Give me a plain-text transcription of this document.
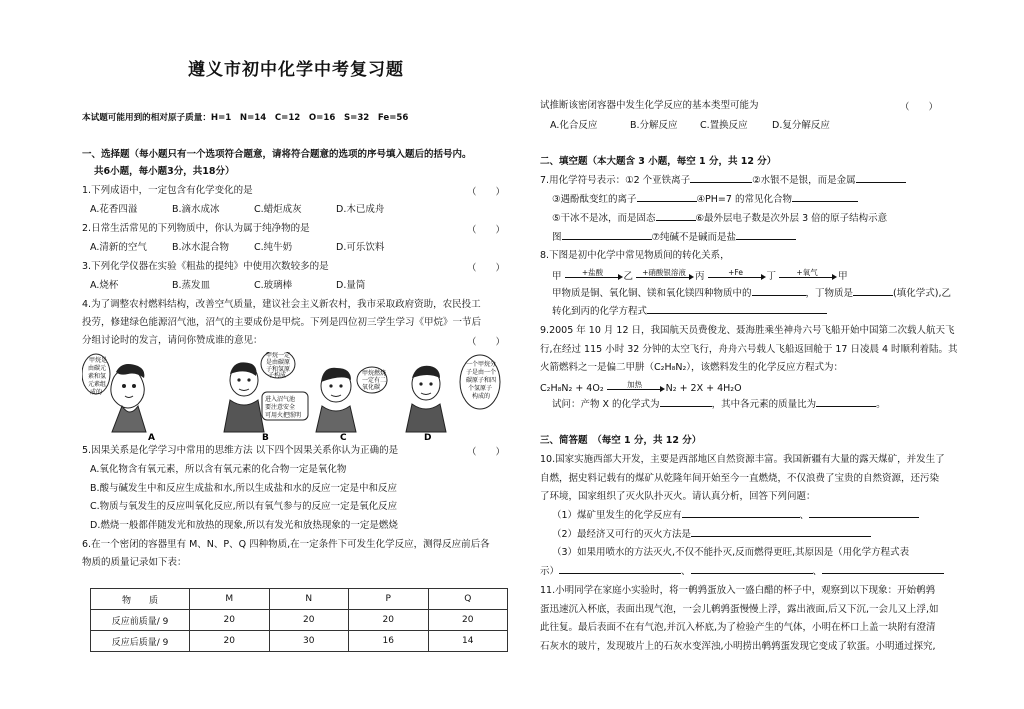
遵义市初中化学中考复习题
本试题可能用到的相对原子质量：H=1　N=14　C=12　O=16　S=32　Fe=56
一、选择题（每小题只有一个选项符合题意，请将符合题意的选项的序号填入题后的括号内。
共6小题，每小题3分，共18分）
1.下列成语中，一定包含有化学变化的是	（　　）
A.花香四溢	B.滴水成冰	C.蜡炬成灰	D.木已成舟
2.日常生活常见的下列物质中，你认为属于纯净物的是	（　　）
A.清新的空气	B.冰水混合物	C.纯牛奶	D.可乐饮料
3.下列化学仪器在实验《粗盐的提纯》中使用次数较多的是	（　　）
A.烧杯	B.蒸发皿	C.玻璃棒	D.量筒
4.为了调整农村燃料结构，改善空气质量，建议社会主义新农村，我市采取政府资助，农民投工
投劳，修建绿色能源沼气池，沼气的主要成份是甲烷。下列是四位初三学生学习《甲烷》一节后
分组讨论时的发言，请问你赞成谁的意见：	（　　）
甲烷是
由碳元
素和氢
元素组
成的
甲烷一定
是由碳原
子和氢原
子构成
进入沼气池
要注意安全
可用火把照明
甲烷燃烧
一定有二
氧化碳
一个甲烷分
子是由一个
碳原子和四
个氢原子
构成的
A	B	C	D
5.因果关系是化学学习中常用的思维方法 以下四个因果关系你认为正确的是	（　　）
A.氧化物含有氧元素，所以含有氧元素的化合物一定是氧化物
B.酸与碱发生中和反应生成盐和水,所以生成盐和水的反应一定是中和反应
C.物质与氧发生的反应叫氧化反应,所以有氧气参与的反应一定是氧化反应
D.燃烧一般都伴随发光和放热的现象,所以有发光和放热现象的一定是燃烧
6.在一个密闭的容器里有 M、N、P、Q 四种物质,在一定条件下可发生化学反应，测得反应前后各
物质的质量记录如下表：
物　　质	M	N	P	Q
反应前质量/ 9	20	20	20	20
反应后质量/ 9	20	30	16	14
试推断该密闭容器中发生化学反应的基本类型可能为	（　　）
A.化合反应	B.分解反应 C.置换反应	D.复分解反应
二、填空题（本大题含 3 小题，每空 1 分，共 12 分）
7.用化学符号表示：①2 个亚铁离子	②水银不是银，而是金属
③遇酚酞变红的离子	④PH=7 的常见化合物
⑤干冰不是冰，而是固态	⑥最外层电子数是次外层 3 倍的原子结构示意
图	⑦纯碱不是碱而是盐
8.下图是初中化学中常见物质间的转化关系，
甲	+盐酸 乙 +硝酸银溶液 丙	+Fe 丁	+氧气 甲
甲物质是铜、氧化铜、镁和氧化镁四种物质中的	，丁物质是	(填化学式),乙
转化到丙的化学方程式
9.2005 年 10 月 12 日，我国航天员费俊龙、聂海胜乘坐神舟六号飞船开始中国第二次载人航天飞
行,在经过 115 小时 32 分钟的太空飞行，舟舟六号载人飞船返回舱于 17 日凌晨 4 时顺利着陆。其
火箭燃料之一是偏二甲肼（C₂H₈N₂），该燃料发生的化学反应方程式为：
C₂H₈N₂ + 4O₂	加热 N₂ + 2X + 4H₂O
试问：产物 X 的化学式为	，其中各元素的质量比为	。
三、简答题　（每空 1 分，共 12 分）
10.国家实施西部大开发，主要是西部地区自然资源丰富。我国新疆有大量的露天煤矿，并发生了
自燃，据史料记载有的煤矿从乾隆年间开始至今一直燃烧，不仅浪费了宝贵的自然资源，还污染
了环境，国家组织了灭火队扑灭火。请认真分析，回答下列问题：
（1）煤矿里发生的化学反应有	、
（2）最经济又可行的灭火方法是
（3）如果用喷水的方法灭火,不仅不能扑灭,反而燃得更旺,其原因是（用化学方程式表
示）	、	、
11.小明同学在家庭小实验时，将一鹌鹑蛋放入一盛白醋的杯子中，观察到以下现象：开始鹌鹑
蛋迅速沉入杯底，表面出现气泡，一会儿鹌鹑蛋慢慢上浮，露出液面,后又下沉,一会儿又上浮,如
此往复。最后表面不在有气泡,并沉入杯底,为了检验产生的气体，小明在杯口上盖一块附有澄清
石灰水的玻片，发现玻片上的石灰水变浑浊,小明捞出鹌鹑蛋发现它变成了软蛋。小明通过探究,
